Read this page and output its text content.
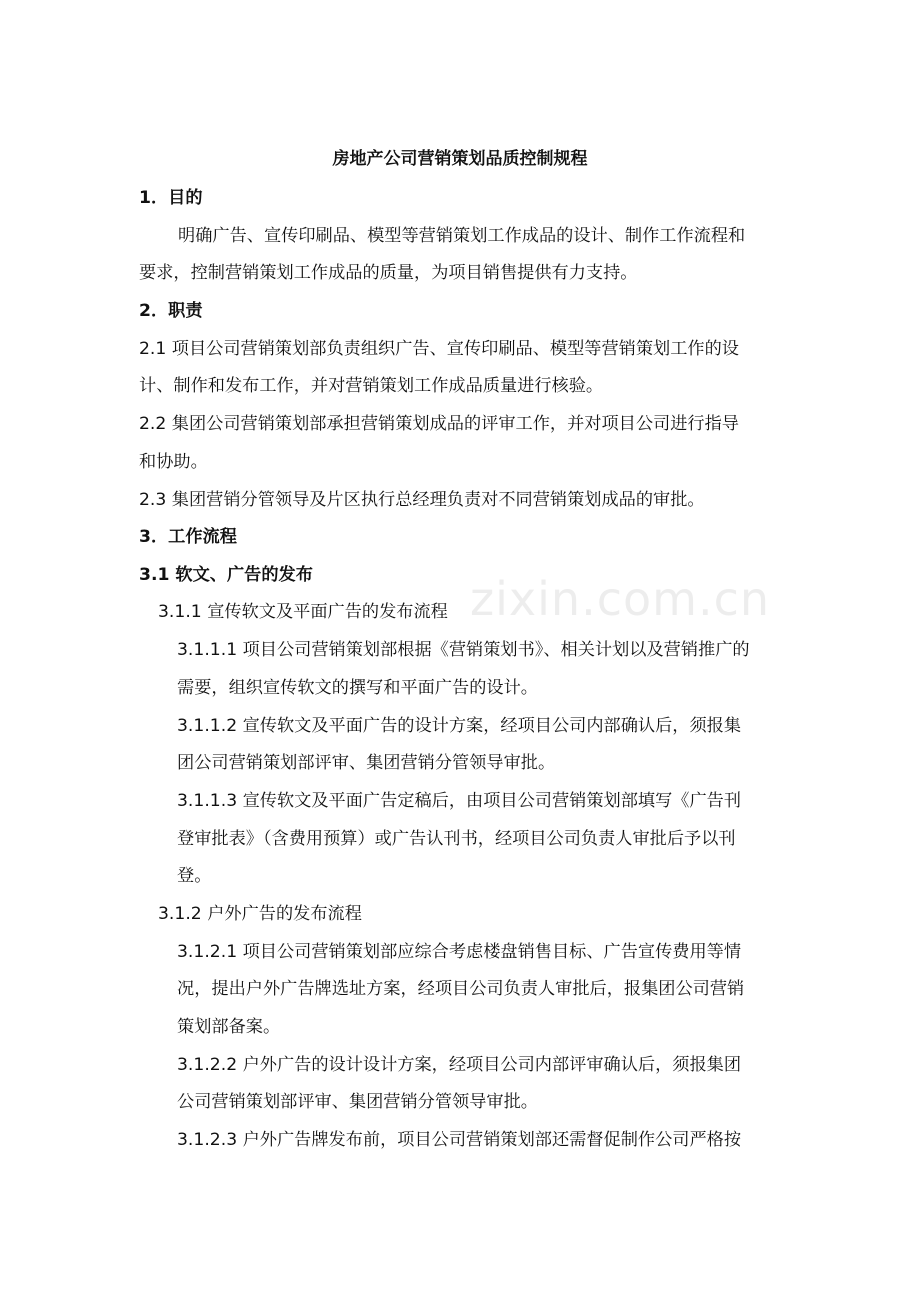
zixin.com.cn
房地产公司营销策划品质控制规程
1．目的
明确广告、宣传印刷品、模型等营销策划工作成品的设计、制作工作流程和
要求，控制营销策划工作成品的质量，为项目销售提供有力支持。
2．职责
2.1 项目公司营销策划部负责组织广告、宣传印刷品、模型等营销策划工作的设
计、制作和发布工作，并对营销策划工作成品质量进行核验。
2.2 集团公司营销策划部承担营销策划成品的评审工作，并对项目公司进行指导
和协助。
2.3 集团营销分管领导及片区执行总经理负责对不同营销策划成品的审批。
3．工作流程
3.1 软文、广告的发布
3.1.1 宣传软文及平面广告的发布流程
3.1.1.1 项目公司营销策划部根据《营销策划书》、相关计划以及营销推广的
需要，组织宣传软文的撰写和平面广告的设计。
3.1.1.2 宣传软文及平面广告的设计方案，经项目公司内部确认后，须报集
团公司营销策划部评审、集团营销分管领导审批。
3.1.1.3 宣传软文及平面广告定稿后，由项目公司营销策划部填写《广告刊
登审批表》（含费用预算）或广告认刊书，经项目公司负责人审批后予以刊
登。
3.1.2 户外广告的发布流程
3.1.2.1 项目公司营销策划部应综合考虑楼盘销售目标、广告宣传费用等情
况，提出户外广告牌选址方案，经项目公司负责人审批后，报集团公司营销
策划部备案。
3.1.2.2 户外广告的设计设计方案，经项目公司内部评审确认后，须报集团
公司营销策划部评审、集团营销分管领导审批。
3.1.2.3 户外广告牌发布前，项目公司营销策划部还需督促制作公司严格按
